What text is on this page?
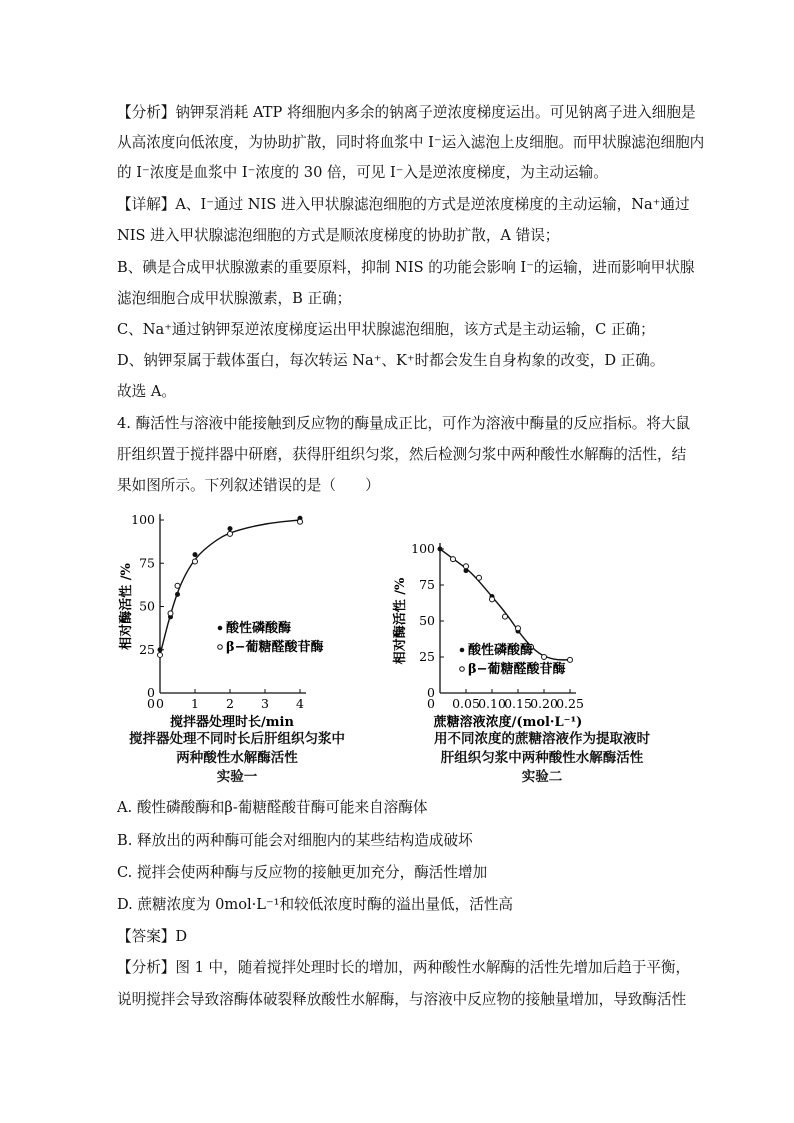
【分析】钠钾泵消耗 ATP 将细胞内多余的钠离子逆浓度梯度运出。可见钠离子进入细胞是
从高浓度向低浓度，为协助扩散，同时将血浆中 I⁻运入滤泡上皮细胞。而甲状腺滤泡细胞内
的 I⁻浓度是血浆中 I⁻浓度的 30 倍，可见 I⁻入是逆浓度梯度，为主动运输。
【详解】A、I⁻通过 NIS 进入甲状腺滤泡细胞的方式是逆浓度梯度的主动运输，Na⁺通过
NIS 进入甲状腺滤泡细胞的方式是顺浓度梯度的协助扩散，A 错误；
B、碘是合成甲状腺激素的重要原料，抑制 NIS 的功能会影响 I⁻的运输，进而影响甲状腺
滤泡细胞合成甲状腺激素，B 正确；
C、Na⁺通过钠钾泵逆浓度梯度运出甲状腺滤泡细胞，该方式是主动运输，C 正确；
D、钠钾泵属于载体蛋白，每次转运 Na⁺、K⁺时都会发生自身构象的改变，D 正确。
故选 A。
4. 酶活性与溶液中能接触到反应物的酶量成正比，可作为溶液中酶量的反应指标。将大鼠
肝组织置于搅拌器中研磨，获得肝组织匀浆，然后检测匀浆中两种酸性水解酶的活性，结
果如图所示。下列叙述错误的是（　　）
0
25
50
75
100
0 1 2 3 4
0
相对酶活性 /%
搅拌器处理时长/min
酸性磷酸酶
β−葡糖醛酸苷酶
0
25
50
75
100
0.05
0.10
0.15
0.20
0.25
0
相对酶活性 /%
蔗糖溶液浓度/(mol·L⁻¹)
酸性磷酸酶
β−葡糖醛酸苷酶
搅拌器处理不同时长后肝组织匀浆中
两种酸性水解酶活性
实验一
用不同浓度的蔗糖溶液作为提取液时
肝组织匀浆中两种酸性水解酶活性
实验二
A. 酸性磷酸酶和β-葡糖醛酸苷酶可能来自溶酶体
B. 释放出的两种酶可能会对细胞内的某些结构造成破坏
C. 搅拌会使两种酶与反应物的接触更加充分，酶活性增加
D. 蔗糖浓度为 0mol·L⁻¹和较低浓度时酶的溢出量低，活性高
【答案】D
【分析】图 1 中，随着搅拌处理时长的增加，两种酸性水解酶的活性先增加后趋于平衡，
说明搅拌会导致溶酶体破裂释放酸性水解酶，与溶液中反应物的接触量增加，导致酶活性
